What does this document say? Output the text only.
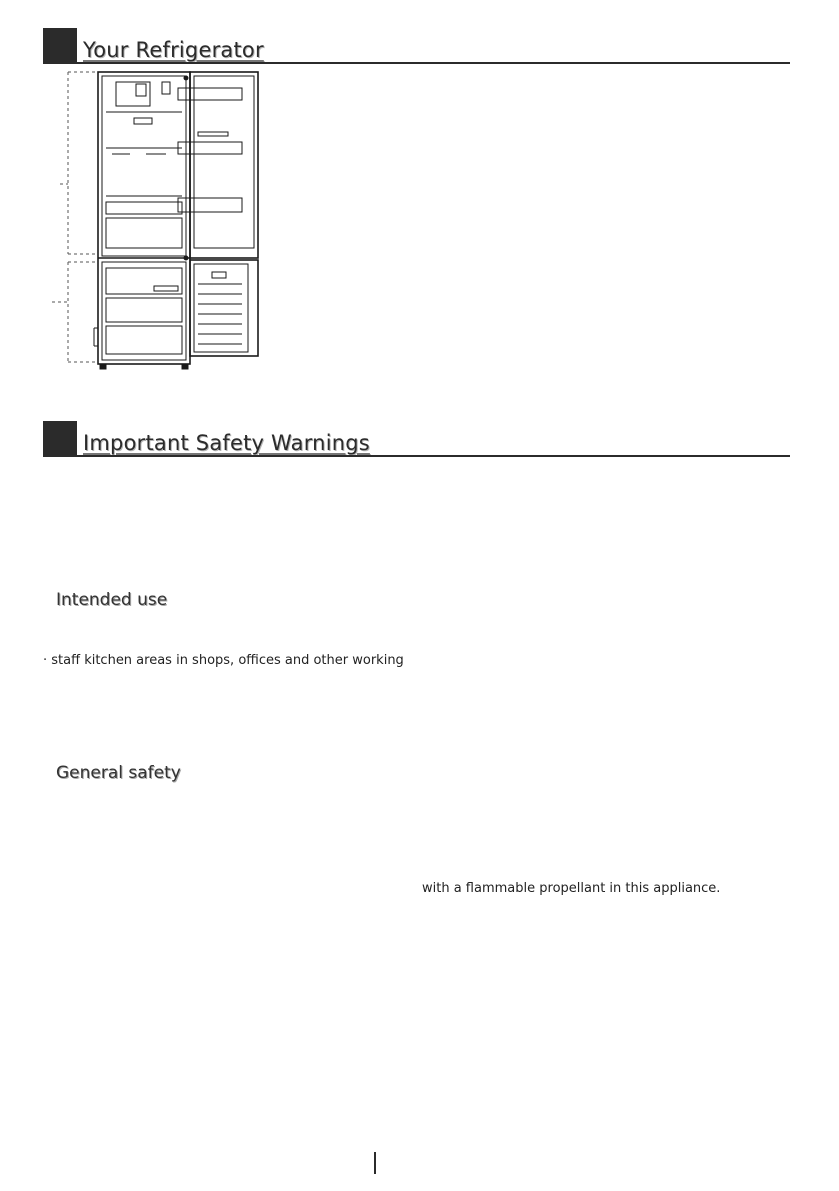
Your Refrigerator
Important Safety Warnings
Intended use
· staff kitchen areas in shops, offices and other working
General safety
with a flammable propellant in this appliance.
